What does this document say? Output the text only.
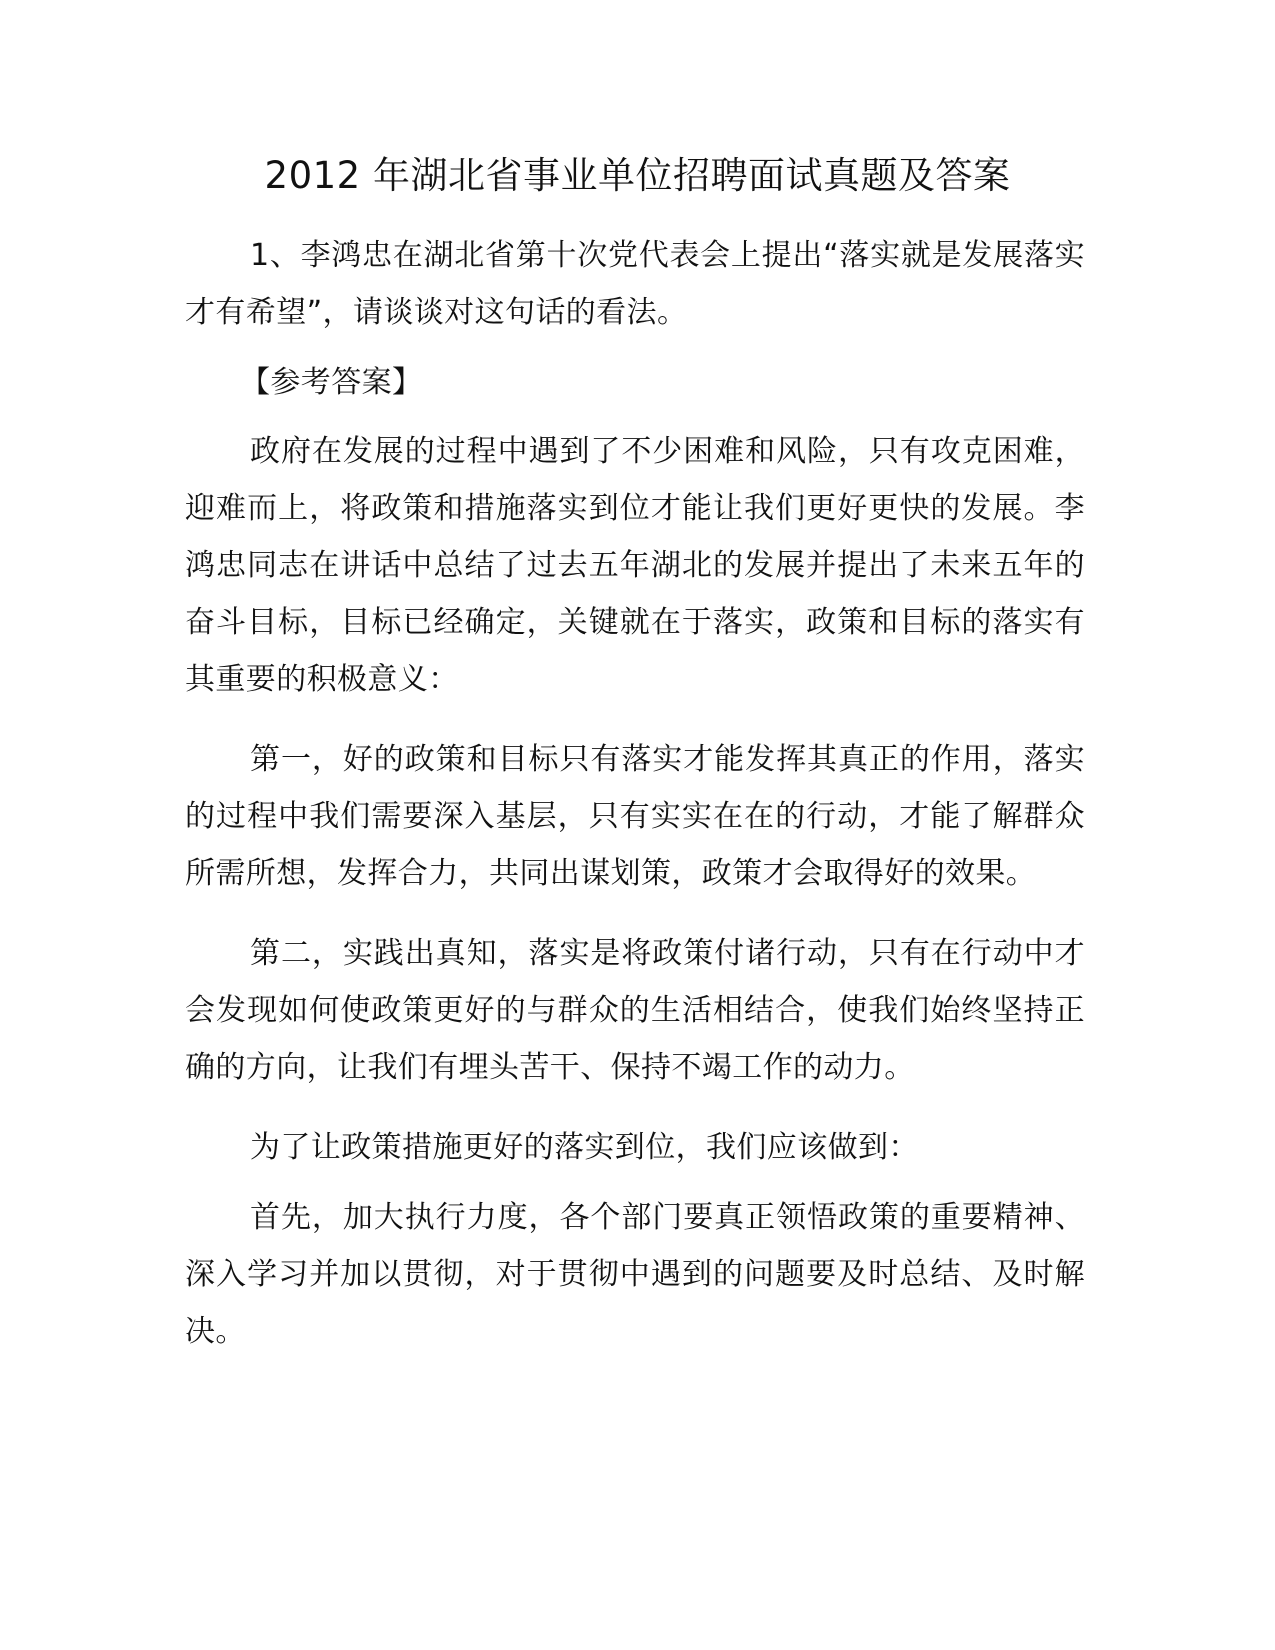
2012 年湖北省事业单位招聘面试真题及答案

1、李鸿忠在湖北省第十次党代表会上提出“落实就是发展落实才有希望”，请谈谈对这句话的看法。

【参考答案】

政府在发展的过程中遇到了不少困难和风险，只有攻克困难，迎难而上，将政策和措施落实到位才能让我们更好更快的发展。李鸿忠同志在讲话中总结了过去五年湖北的发展并提出了未来五年的奋斗目标，目标已经确定，关键就在于落实，政策和目标的落实有其重要的积极意义：

第一，好的政策和目标只有落实才能发挥其真正的作用，落实的过程中我们需要深入基层，只有实实在在的行动，才能了解群众所需所想，发挥合力，共同出谋划策，政策才会取得好的效果。

第二，实践出真知，落实是将政策付诸行动，只有在行动中才会发现如何使政策更好的与群众的生活相结合，使我们始终坚持正确的方向，让我们有埋头苦干、保持不竭工作的动力。

为了让政策措施更好的落实到位，我们应该做到：

首先，加大执行力度，各个部门要真正领悟政策的重要精神、深入学习并加以贯彻，对于贯彻中遇到的问题要及时总结、及时解决。
